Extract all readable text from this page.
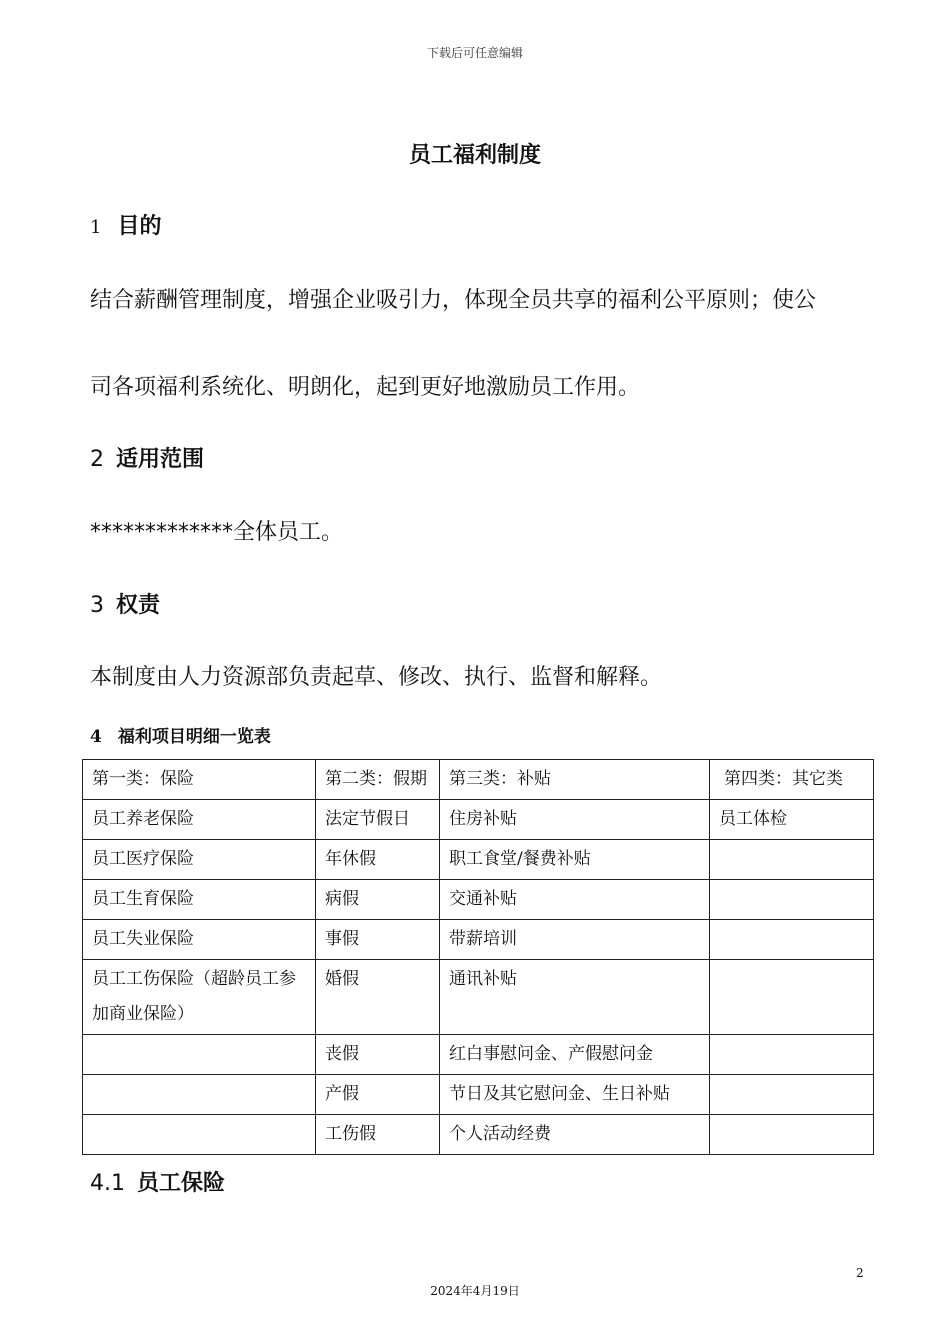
下载后可任意编辑
员工福利制度
1 目的
结合薪酬管理制度，增强企业吸引力，体现全员共享的福利公平原则；使公
司各项福利系统化、明朗化，起到更好地激励员工作用。
2 适用范围
*************全体员工。
3 权责
本制度由人力资源部负责起草、修改、执行、监督和解释。
4 福利项目明细一览表
第一类：保险	第二类：假期	第三类：补贴	第四类：其它类
员工养老保险	法定节假日	住房补贴	员工体检
员工医疗保险	年休假	职工食堂/餐费补贴	
员工生育保险	病假	交通补贴	
员工失业保险	事假	带薪培训	
员工工伤保险（超龄员工参加商业保险）	婚假	通讯补贴	
	丧假	红白事慰问金、产假慰问金	
	产假	节日及其它慰问金、生日补贴	
	工伤假	个人活动经费	
4.1 员工保险
2
2024年4月19日
